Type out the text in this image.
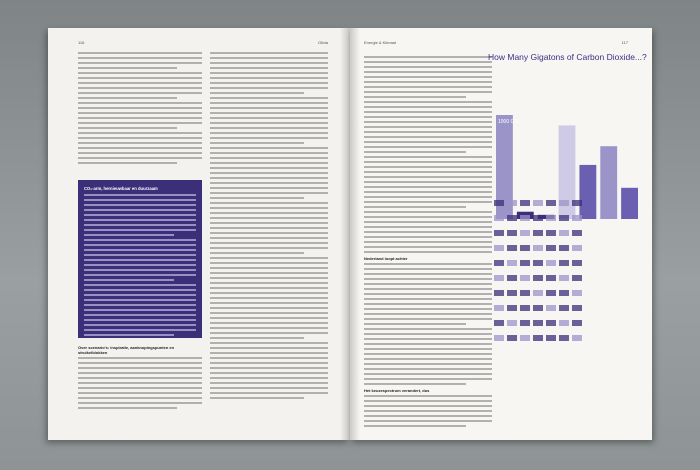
116	Olivia
CO₂-arm, hernieuwbaar en duurzaam
Over scenario's: inspiratie, aanknopingspunten en struikelblokken
Energie & Klimaat	117
Nederland loopt achter
Het keuzespectrum verandert, dus
How Many Gigatons of Carbon Dioxide...?
1000 CO₂
